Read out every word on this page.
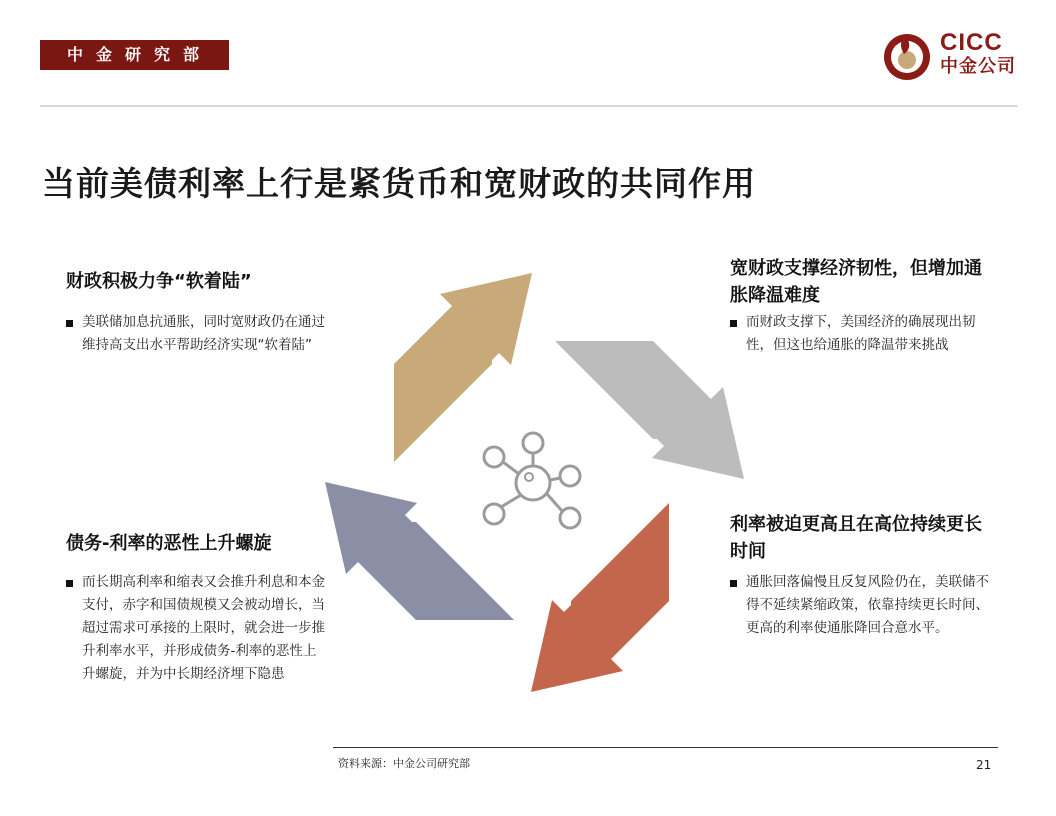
中金研究部	CICC
中金公司
当前美债利率上行是紧货币和宽财政的共同作用
财政积极力争“软着陆”
美联储加息抗通胀，同时宽财政仍在通过维持高支出水平帮助经济实现“软着陆”
宽财政支撑经济韧性，但增加通胀降温难度
而财政支撑下，美国经济的确展现出韧性，但这也给通胀的降温带来挑战
利率被迫更高且在高位持续更长时间
通胀回落偏慢且反复风险仍在，美联储不得不延续紧缩政策，依靠持续更长时间、更高的利率使通胀降回合意水平。
债务-利率的恶性上升螺旋
而长期高利率和缩表又会推升利息和本金支付，赤字和国债规模又会被动增长，当超过需求可承接的上限时，就会进一步推升利率水平，并形成债务-利率的恶性上升螺旋，并为中长期经济埋下隐患
资料来源：中金公司研究部	21
